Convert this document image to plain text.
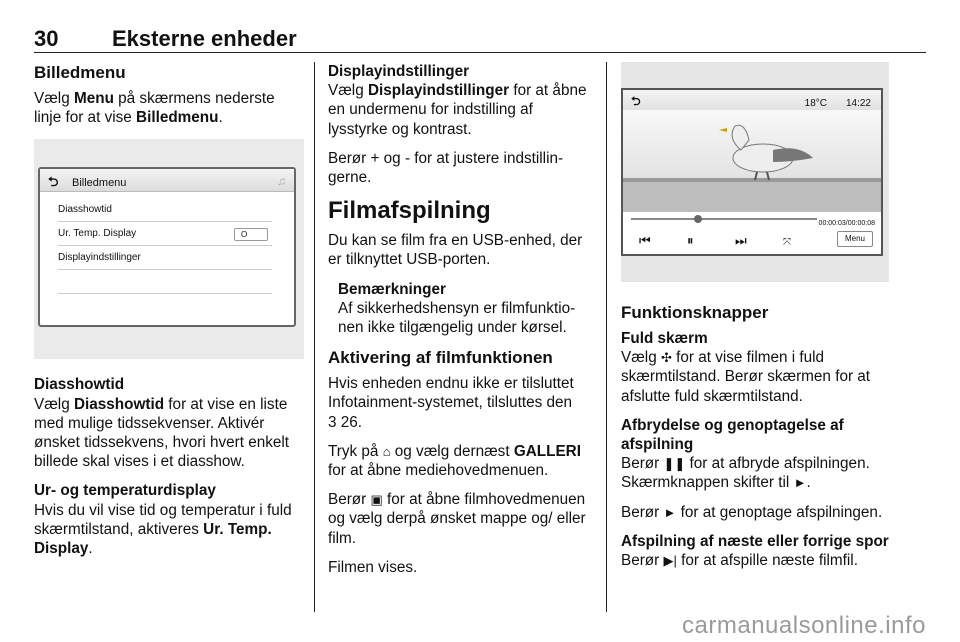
30 Eksterne enheder
Billedmenu

Vælg Menu på skærmens nederste linje for at vise Billedmenu.

⮌ Billedmenu	♫
Diasshowtid
Ur. Temp. Display	O
Displayindstillinger
Diasshowtid

Vælg Diasshowtid for at vise en liste med mulige tidssekvenser. Aktivér ønsket tidssekvens, hvori hvert enkelt billede skal vises i et diasshow.

Ur- og temperaturdisplay

Hvis du vil vise tid og temperatur i fuld skærmtilstand, aktiveres Ur. Temp. Display.

Displayindstillinger

Vælg Displayindstillinger for at åbne en undermenu for indstilling af lysstyrke og kontrast.

Berør + og - for at justere indstillingerne.

Filmafspilning

Du kan se film fra en USB-enhed, der er tilknyttet USB-porten.

Bemærkninger

Af sikkerhedshensyn er filmfunktionen ikke tilgængelig under kørsel.

Aktivering af filmfunktionen

Hvis enheden endnu ikke er tilsluttet Infotainment-systemet, tilsluttes den
3 26.

Tryk på ⌂ og vælg dernæst GALLERI for at åbne mediehovedmenuen.

Berør ▣ for at åbne filmhovedmenuen og vælg derpå ønsket mappe og/ eller film.

Filmen vises.

⮌	18°C 14:22
00:00:03/00:00:08
⏮	⏸	⏭	⤧	Menu
Funktionsknapper
Fuld skærm

Vælg ✣ for at vise filmen i fuld skærmtilstand. Berør skærmen for at afslutte fuld skærmtilstand.

Afbrydelse og genoptagelse af afspilning

Berør ❚❚ for at afbryde afspilningen. Skærmknappen skifter til ►.

Berør ► for at genoptage afspilningen.

Afspilning af næste eller forrige spor

Berør ▶| for at afspille næste filmfil.

carmanualsonline.info
